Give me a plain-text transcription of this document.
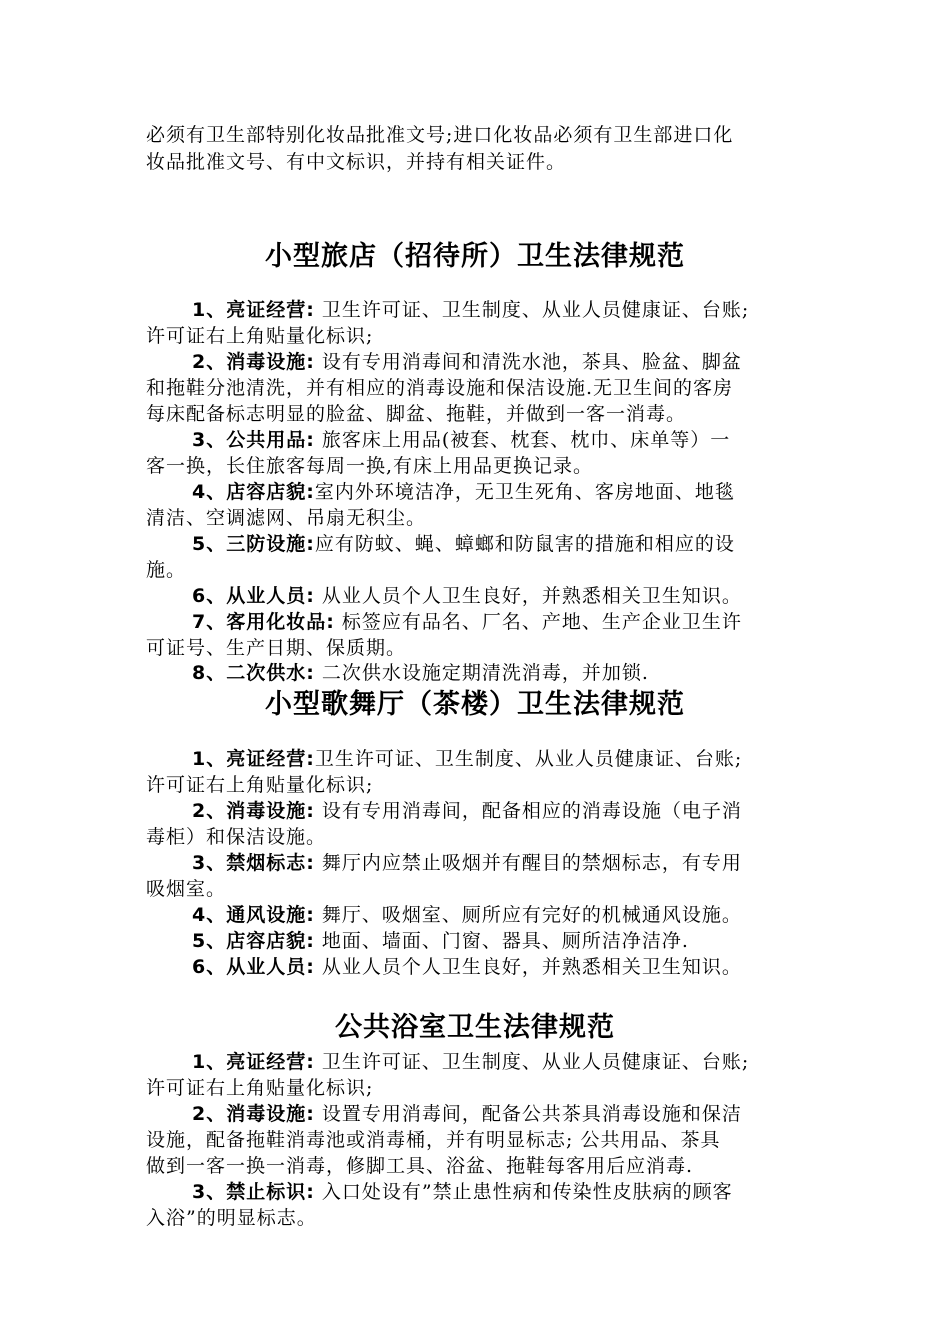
必须有卫生部特别化妆品批准文号;进口化妆品必须有卫生部进口化
妆品批准文号、有中文标识，并持有相关证件。
小型旅店（招待所）卫生法律规范
1、亮证经营: 卫生许可证、卫生制度、从业人员健康证、台账;
许可证右上角贴量化标识;
2、消毒设施: 设有专用消毒间和清洗水池，茶具、脸盆、脚盆
和拖鞋分池清洗，并有相应的消毒设施和保洁设施.无卫生间的客房
每床配备标志明显的脸盆、脚盆、拖鞋，并做到一客一消毒。
3、公共用品: 旅客床上用品(被套、枕套、枕巾、床单等）一
客一换，长住旅客每周一换,有床上用品更换记录。
4、店容店貌:室内外环境洁净，无卫生死角、客房地面、地毯
清洁、空调滤网、吊扇无积尘。
5、三防设施:应有防蚊、蝇、蟑螂和防鼠害的措施和相应的设
施。
6、从业人员: 从业人员个人卫生良好，并熟悉相关卫生知识。
7、客用化妆品: 标签应有品名、厂名、产地、生产企业卫生许
可证号、生产日期、保质期。
8、二次供水: 二次供水设施定期清洗消毒，并加锁.
小型歌舞厅（茶楼）卫生法律规范
1、亮证经营:卫生许可证、卫生制度、从业人员健康证、台账;
许可证右上角贴量化标识;
2、消毒设施: 设有专用消毒间，配备相应的消毒设施（电子消
毒柜）和保洁设施。
3、禁烟标志: 舞厅内应禁止吸烟并有醒目的禁烟标志，有专用
吸烟室。
4、通风设施: 舞厅、吸烟室、厕所应有完好的机械通风设施。
5、店容店貌: 地面、墙面、门窗、器具、厕所洁净洁净.
6、从业人员: 从业人员个人卫生良好，并熟悉相关卫生知识。
公共浴室卫生法律规范
1、亮证经营: 卫生许可证、卫生制度、从业人员健康证、台账;
许可证右上角贴量化标识;
2、消毒设施: 设置专用消毒间，配备公共茶具消毒设施和保洁
设施，配备拖鞋消毒池或消毒桶，并有明显标志; 公共用品、茶具
做到一客一换一消毒，修脚工具、浴盆、拖鞋每客用后应消毒.
3、禁止标识: 入口处设有”禁止患性病和传染性皮肤病的顾客
入浴”的明显标志。
